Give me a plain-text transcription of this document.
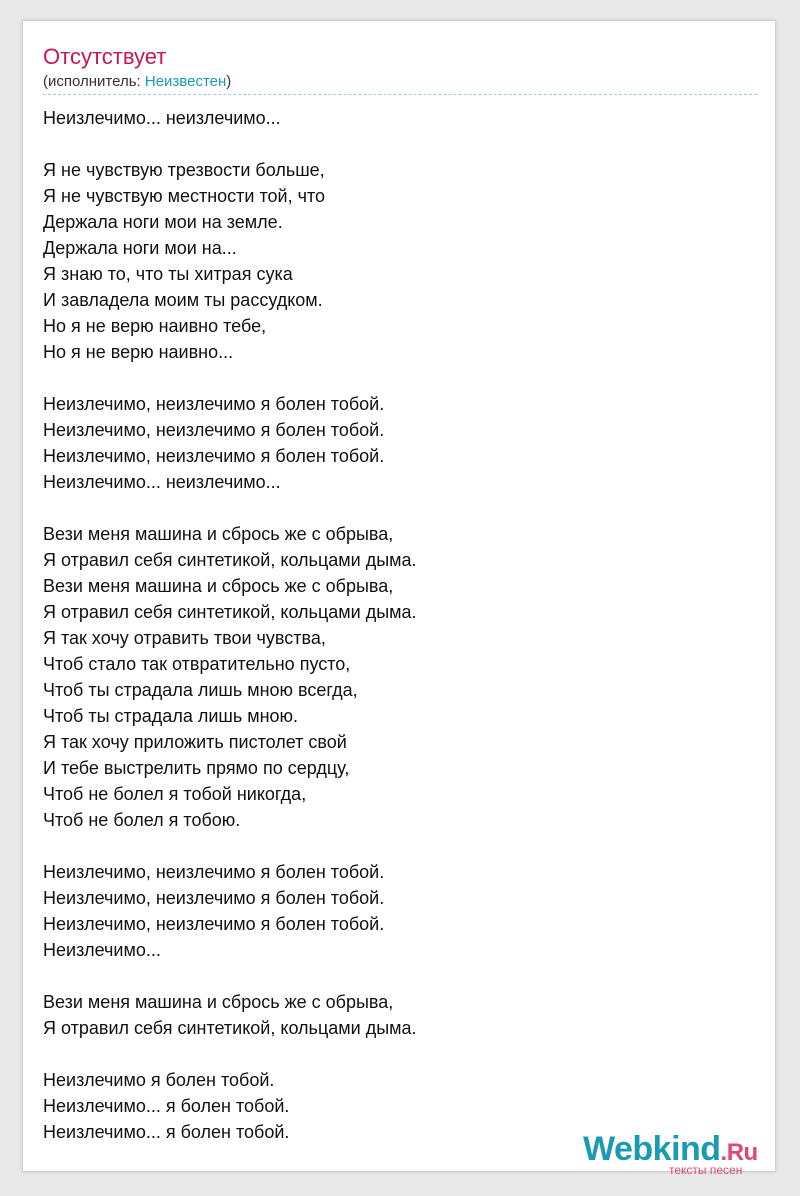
Отсутствует
(исполнитель: Неизвестен)
Неизлечимо... неизлечимо...
Я не чувствую трезвости больше,
Я не чувствую местности той, что
Держала ноги мои на земле.
Держала ноги мои на...
Я знаю то, что ты хитрая сука
И завладела моим ты рассудком.
Но я не верю наивно тебе,
Но я не верю наивно...
Неизлечимо, неизлечимо я болен тобой.
Неизлечимо, неизлечимо я болен тобой.
Неизлечимо, неизлечимо я болен тобой.
Неизлечимо... неизлечимо...
Вези меня машина и сбрось же с обрыва,
Я отравил себя синтетикой, кольцами дыма.
Вези меня машина и сбрось же с обрыва,
Я отравил себя синтетикой, кольцами дыма.
Я так хочу отравить твои чувства,
Чтоб стало так отвратительно пусто,
Чтоб ты страдала лишь мною всегда,
Чтоб ты страдала лишь мною.
Я так хочу приложить пистолет свой
И тебе выстрелить прямо по сердцу,
Чтоб не болел я тобой никогда,
Чтоб не болел я тобою.
Неизлечимо, неизлечимо я болен тобой.
Неизлечимо, неизлечимо я болен тобой.
Неизлечимо, неизлечимо я болен тобой.
Неизлечимо...
Вези меня машина и сбрось же с обрыва,
Я отравил себя синтетикой, кольцами дыма.
Неизлечимо я болен тобой.
Неизлечимо... я болен тобой.
Неизлечимо... я болен тобой.	Webkind.Ru
тексты песен
